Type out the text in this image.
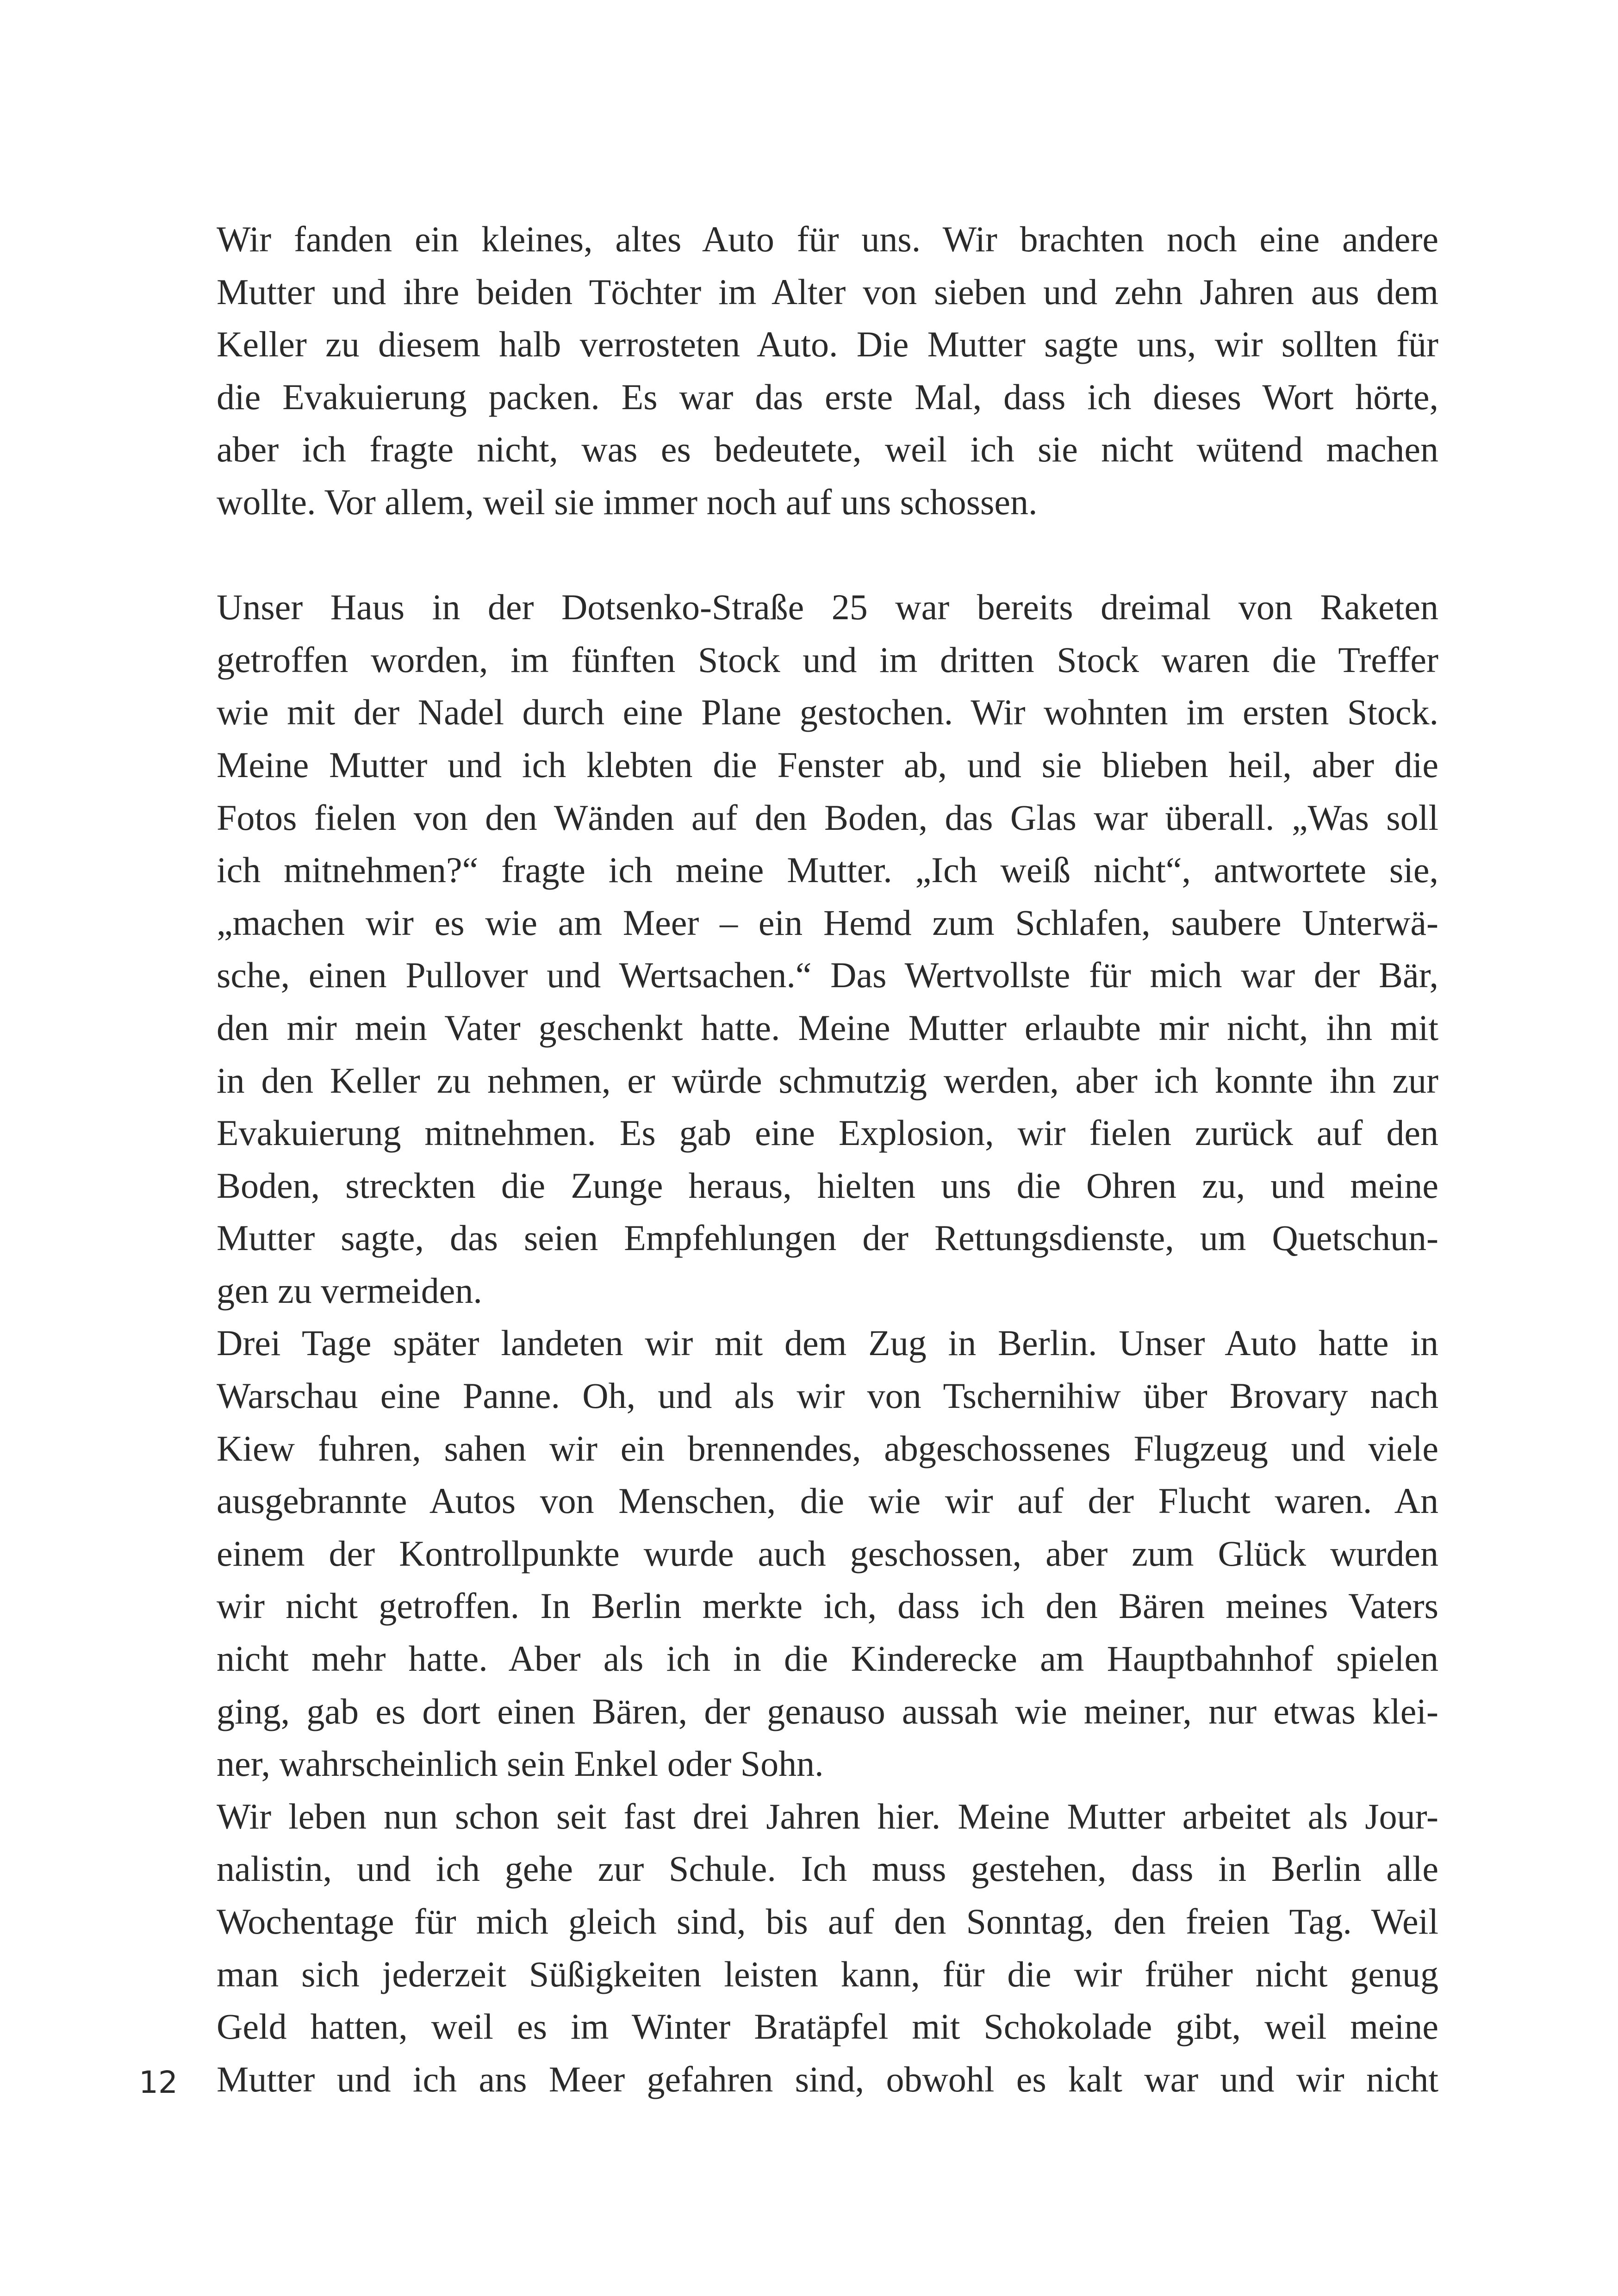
Wir fanden ein kleines, altes Auto für uns. Wir brachten noch eine andere
Mutter und ihre beiden Töchter im Alter von sieben und zehn Jahren aus dem
Keller zu diesem halb verrosteten Auto. Die Mutter sagte uns, wir sollten für
die Evakuierung packen. Es war das erste Mal, dass ich dieses Wort hörte,
aber ich fragte nicht, was es bedeutete, weil ich sie nicht wütend machen
wollte. Vor allem, weil sie immer noch auf uns schossen.
Unser Haus in der Dotsenko-Straße 25 war bereits dreimal von Raketen
getroffen worden, im fünften Stock und im dritten Stock waren die Treffer
wie mit der Nadel durch eine Plane gestochen. Wir wohnten im ersten Stock.
Meine Mutter und ich klebten die Fenster ab, und sie blieben heil, aber die
Fotos fielen von den Wänden auf den Boden, das Glas war überall. „Was soll
ich mitnehmen?“ fragte ich meine Mutter. „Ich weiß nicht“, antwortete sie,
„machen wir es wie am Meer – ein Hemd zum Schlafen, saubere Unterwä-
sche, einen Pullover und Wertsachen.“ Das Wertvollste für mich war der Bär,
den mir mein Vater geschenkt hatte. Meine Mutter erlaubte mir nicht, ihn mit
in den Keller zu nehmen, er würde schmutzig werden, aber ich konnte ihn zur
Evakuierung mitnehmen. Es gab eine Explosion, wir fielen zurück auf den
Boden, streckten die Zunge heraus, hielten uns die Ohren zu, und meine
Mutter sagte, das seien Empfehlungen der Rettungsdienste, um Quetschun-
gen zu vermeiden.
Drei Tage später landeten wir mit dem Zug in Berlin. Unser Auto hatte in
Warschau eine Panne. Oh, und als wir von Tschernihiw über Brovary nach
Kiew fuhren, sahen wir ein brennendes, abgeschossenes Flugzeug und viele
ausgebrannte Autos von Menschen, die wie wir auf der Flucht waren. An
einem der Kontrollpunkte wurde auch geschossen, aber zum Glück wurden
wir nicht getroffen. In Berlin merkte ich, dass ich den Bären meines Vaters
nicht mehr hatte. Aber als ich in die Kinderecke am Hauptbahnhof spielen
ging, gab es dort einen Bären, der genauso aussah wie meiner, nur etwas klei-
ner, wahrscheinlich sein Enkel oder Sohn.
Wir leben nun schon seit fast drei Jahren hier. Meine Mutter arbeitet als Jour-
nalistin, und ich gehe zur Schule. Ich muss gestehen, dass in Berlin alle
Wochentage für mich gleich sind, bis auf den Sonntag, den freien Tag. Weil
man sich jederzeit Süßigkeiten leisten kann, für die wir früher nicht genug
Geld hatten, weil es im Winter Bratäpfel mit Schokolade gibt, weil meine
Mutter und ich ans Meer gefahren sind, obwohl es kalt war und wir nicht
12
